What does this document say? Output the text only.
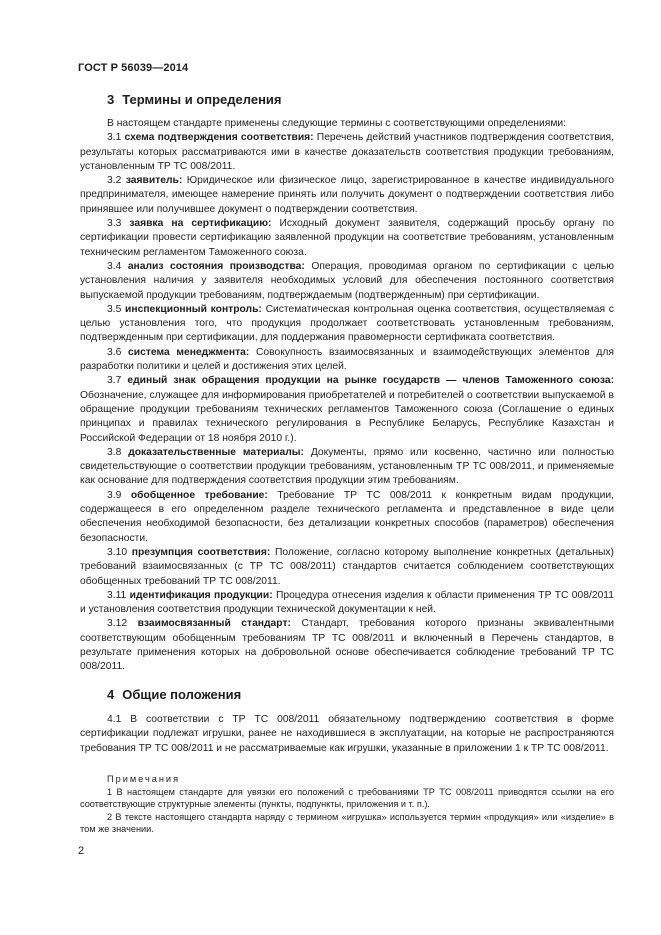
ГОСТ Р 56039—2014
3 Термины и определения

В настоящем стандарте применены следующие термины с соответствующими определениями:

3.1 схема подтверждения соответствия: Перечень действий участников подтверждения соответствия, результаты которых рассматриваются ими в качестве доказательств соответствия продукции требованиям, установленным ТР ТС 008/2011.

3.2 заявитель: Юридическое или физическое лицо, зарегистрированное в качестве индивидуального предпринимателя, имеющее намерение принять или получить документ о подтверждении соответствия либо принявшее или получившее документ о подтверждении соответствия.

3.3 заявка на сертификацию: Исходный документ заявителя, содержащий просьбу органу по сертификации провести сертификацию заявленной продукции на соответствие требованиям, установленным техническим регламентом Таможенного союза.

3.4 анализ состояния производства: Операция, проводимая органом по сертификации с целью установления наличия у заявителя необходимых условий для обеспечения постоянного соответствия выпускаемой продукции требованиям, подтверждаемым (подтвержденным) при сертификации.

3.5 инспекционный контроль: Систематическая контрольная оценка соответствия, осуществляемая с целью установления того, что продукция продолжает соответствовать установленным требованиям, подтвержденным при сертификации, для поддержания правомерности сертификата соответствия.

3.6 система менеджмента: Совокупность взаимосвязанных и взаимодействующих элементов для разработки политики и целей и достижения этих целей.

3.7 единый знак обращения продукции на рынке государств — членов Таможенного союза: Обозначение, служащее для информирования приобретателей и потребителей о соответствии выпускаемой в обращение продукции требованиям технических регламентов Таможенного союза (Соглашение о единых принципах и правилах технического регулирования в Республике Беларусь, Республике Казахстан и Российской Федерации от 18 ноября 2010 г.).

3.8 доказательственные материалы: Документы, прямо или косвенно, частично или полностью свидетельствующие о соответствии продукции требованиям, установленным ТР ТС 008/2011, и применяемые как основание для подтверждения соответствия продукции этим требованиям.

3.9 обобщенное требование: Требование ТР ТС 008/2011 к конкретным видам продукции, содержащееся в его определенном разделе технического регламента и представленное в виде цели обеспечения необходимой безопасности, без детализации конкретных способов (параметров) обеспечения безопасности.

3.10 презумпция соответствия: Положение, согласно которому выполнение конкретных (детальных) требований взаимосвязанных (с ТР ТС 008/2011) стандартов считается соблюдением соответствующих обобщенных требований ТР ТС 008/2011.

3.11 идентификация продукции: Процедура отнесения изделия к области применения ТР ТС 008/2011 и установления соответствия продукции технической документации к ней.

3.12 взаимосвязанный стандарт: Стандарт, требования которого признаны эквивалентными соответствующим обобщенным требованиям ТР ТС 008/2011 и включенный в Перечень стандартов, в результате применения которых на добровольной основе обеспечивается соблюдение требований ТР ТС 008/2011.

4 Общие положения

4.1 В соответствии с ТР ТС 008/2011 обязательному подтверждению соответствия в форме сертификации подлежат игрушки, ранее не находившиеся в эксплуатации, на которые не распространяются требования ТР ТС 008/2011 и не рассматриваемые как игрушки, указанные в приложении 1 к ТР ТС 008/2011.

Примечания

1 В настоящем стандарте для увязки его положений с требованиями ТР ТС 008/2011 приводятся ссылки на его соответствующие структурные элементы (пункты, подпункты, приложения и т. п.).

2 В тексте настоящего стандарта наряду с термином «игрушка» используется термин «продукция» или «изделие» в том же значении.

2
